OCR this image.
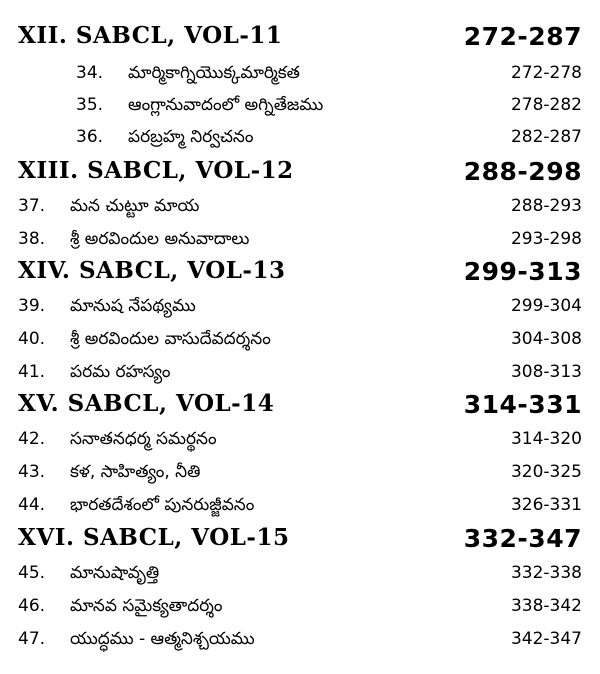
XII. SABCL, VOL-11	272-287
34. మార్మికాగ్నియొక్కమార్మికత	272-278
35. ఆంగ్లానువాదంలో అగ్నితేజము	278-282
36. పరబ్రహ్మ నిర్వచనం	282-287
XIII. SABCL, VOL-12	288-298
37. మన చుట్టూ మాయ	288-293
38. శ్రీ అరవిందుల అనువాదాలు	293-298
XIV. SABCL, VOL-13	299-313
39. మానుష నేపథ్యము	299-304
40. శ్రీ అరవిందుల వాసుదేవదర్శనం	304-308
41. పరమ రహస్యం	308-313
XV. SABCL, VOL-14	314-331
42. సనాతనధర్మ సమర్థనం	314-320
43. కళ, సాహిత్యం, నీతి	320-325
44. భారతదేశంలో పునరుజ్జీవనం	326-331
XVI. SABCL, VOL-15	332-347
45. మానుషావృత్తి	332-338
46. మానవ సమైక్యతాదర్శం	338-342
47. యుద్ధము - ఆత్మనిశ్చయము	342-347
